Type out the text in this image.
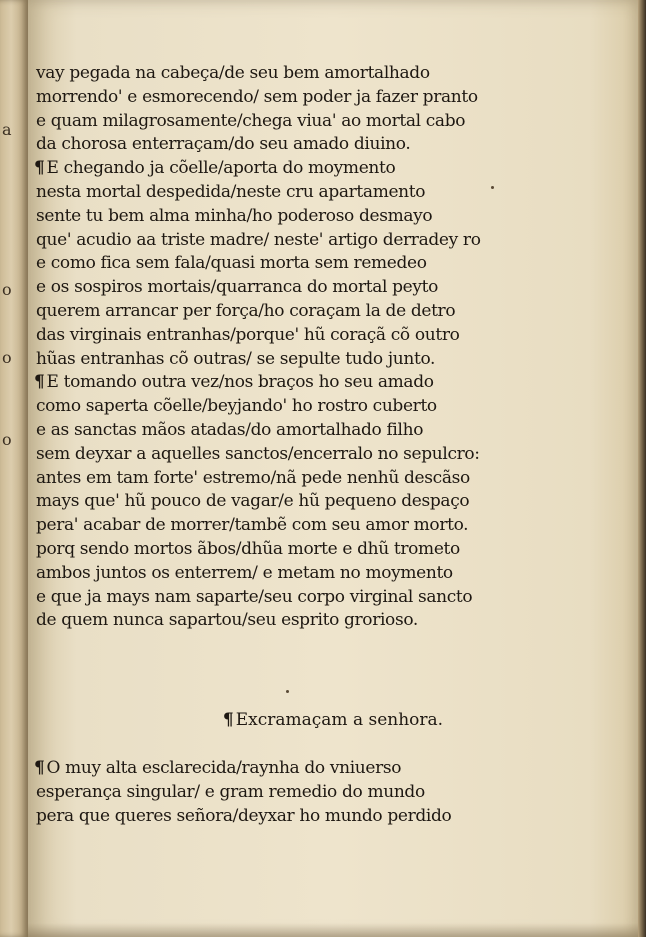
a
o
o
o
vay pegada na cabeça/de seu bem amortalhado
morrendo' e esmorecendo/ sem poder ja fazer pranto
e quam milagrosamente/chega viua' ao mortal cabo
da chorosa enterraçam/do seu amado diuino.
¶ E chegando ja cõelle/aporta do moymento
nesta mortal despedida/neste cru apartamento
sente tu bem alma minha/ho poderoso desmayo
que' acudio aa triste madre/ neste' artigo derradey ro
e como fica sem fala/quasi morta sem remedeo
e os sospiros mortais/quarranca do mortal peyto
querem arrancar per força/ho coraçam la de detro
das virginais entranhas/porque' hũ coraçã cõ outro
hũas entranhas cõ outras/ se sepulte tudo junto.
¶ E tomando outra vez/nos braços ho seu amado
como saperta cõelle/beyjando' ho rostro cuberto
e as sanctas mãos atadas/do amortalhado filho
sem deyxar a aquelles sanctos/encerralo no sepulcro:
antes em tam forte' estremo/nã pede nenhũ descãso
mays que' hũ pouco de vagar/e hũ pequeno despaço
pera' acabar de morrer/tambẽ com seu amor morto.
porq sendo mortos ãbos/dhũa morte e dhũ trometo
ambos juntos os enterrem/ e metam no moymento
e que ja mays nam saparte/seu corpo virginal sancto
de quem nunca sapartou/seu esprito grorioso.
¶ Excramaçam a senhora.
¶ O muy alta esclarecida/raynha do vniuerso
esperança singular/ e gram remedio do mundo
pera que queres señora/deyxar ho mundo perdido
